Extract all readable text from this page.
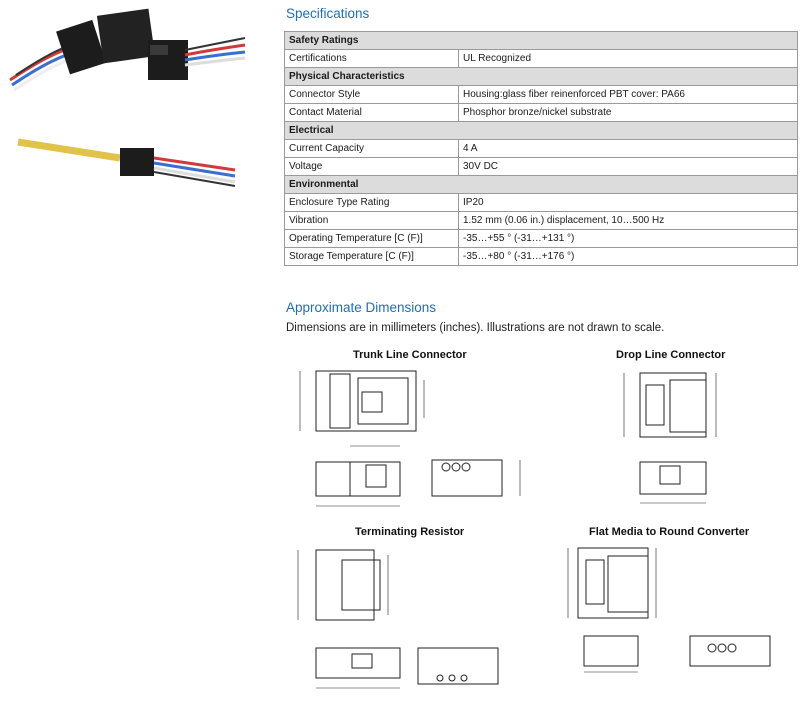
Specifications
Safety Ratings	
Certifications	UL Recognized
Physical Characteristics	
Connector Style	Housing:glass fiber reinenforced PBT cover: PA66
Contact Material	Phosphor bronze/nickel substrate
Electrical	
Current Capacity	4 A
Voltage	30V DC
Environmental	
Enclosure Type Rating	IP20
Vibration	1.52 mm (0.06 in.) displacement, 10…500 Hz
Operating Temperature [C (F)]	-35…+55 ° (-31…+131 °)
Storage Temperature [C (F)]	-35…+80 ° (-31…+176 °)
Approximate Dimensions
Dimensions are in millimeters (inches). Illustrations are not drawn to scale.
Trunk Line Connector	Drop Line Connector
Terminating Resistor	Flat Media to Round Converter
